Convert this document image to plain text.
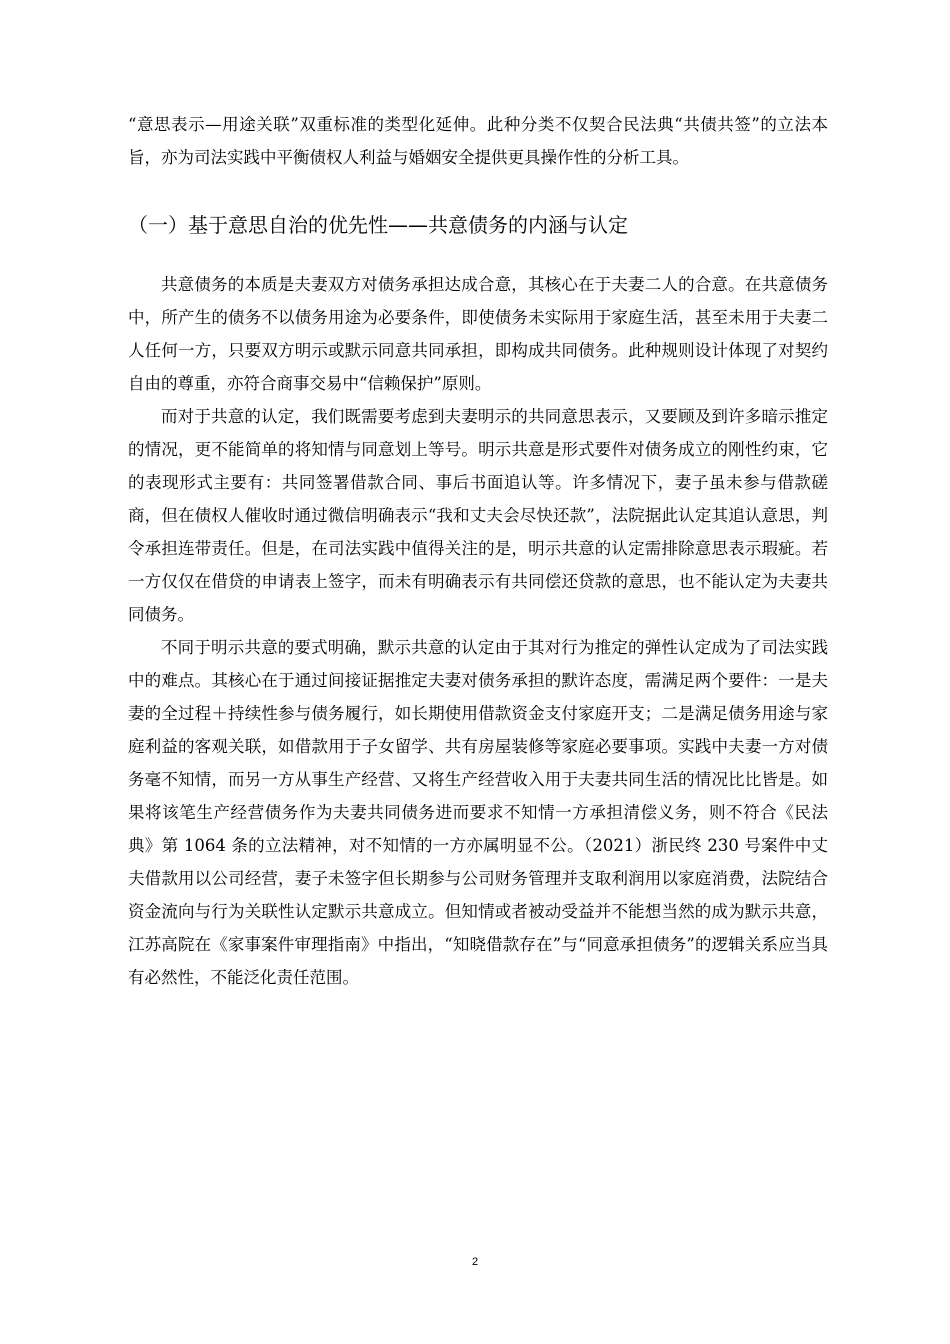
“意思表示—用途关联”双重标准的类型化延伸。此种分类不仅契合民法典“共债共签”的立法本旨，亦为司法实践中平衡债权人利益与婚姻安全提供更具操作性的分析工具。

（一）基于意思自治的优先性——共意债务的内涵与认定

共意债务的本质是夫妻双方对债务承担达成合意，其核心在于夫妻二人的合意。在共意债务中，所产生的债务不以债务用途为必要条件，即使债务未实际用于家庭生活，甚至未用于夫妻二人任何一方，只要双方明示或默示同意共同承担，即构成共同债务。此种规则设计体现了对契约自由的尊重，亦符合商事交易中“信赖保护”原则。

而对于共意的认定，我们既需要考虑到夫妻明示的共同意思表示，又要顾及到许多暗示推定的情况，更不能简单的将知情与同意划上等号。明示共意是形式要件对债务成立的刚性约束，它的表现形式主要有：共同签署借款合同、事后书面追认等。许多情况下，妻子虽未参与借款磋商，但在债权人催收时通过微信明确表示“我和丈夫会尽快还款”，法院据此认定其追认意思，判令承担连带责任。但是，在司法实践中值得关注的是，明示共意的认定需排除意思表示瑕疵。若一方仅仅在借贷的申请表上签字，而未有明确表示有共同偿还贷款的意思，也不能认定为夫妻共同债务。

不同于明示共意的要式明确，默示共意的认定由于其对行为推定的弹性认定成为了司法实践中的难点。其核心在于通过间接证据推定夫妻对债务承担的默许态度，需满足两个要件：一是夫妻的全过程＋持续性参与债务履行，如长期使用借款资金支付家庭开支；二是满足债务用途与家庭利益的客观关联，如借款用于子女留学、共有房屋装修等家庭必要事项。实践中夫妻一方对债务毫不知情，而另一方从事生产经营、又将生产经营收入用于夫妻共同生活的情况比比皆是。如果将该笔生产经营债务作为夫妻共同债务进而要求不知情一方承担清偿义务，则不符合《民法典》第 1064 条的立法精神，对不知情的一方亦属明显不公。（2021）浙民终 230 号案件中丈夫借款用以公司经营，妻子未签字但长期参与公司财务管理并支取利润用以家庭消费，法院结合资金流向与行为关联性认定默示共意成立。但知情或者被动受益并不能想当然的成为默示共意，江苏高院在《家事案件审理指南》中指出，“知晓借款存在”与“同意承担债务”的逻辑关系应当具有必然性，不能泛化责任范围。

2
